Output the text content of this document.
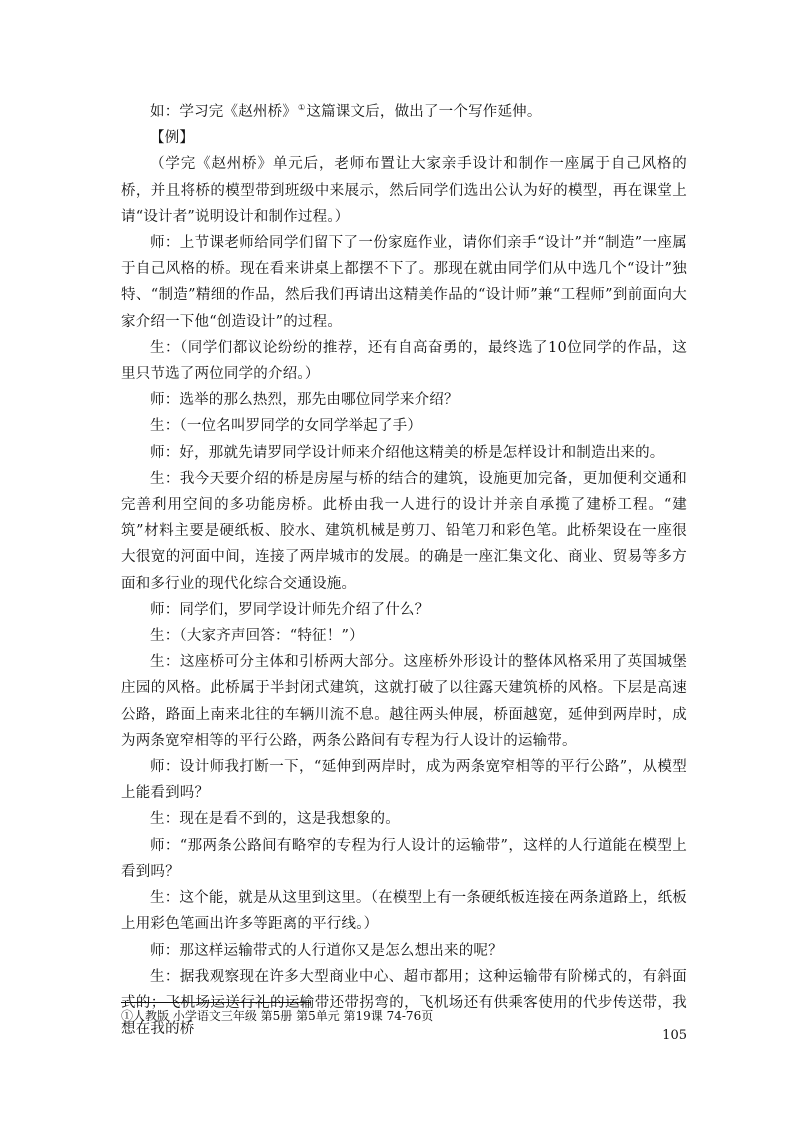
如：学习完《赵州桥》①这篇课文后，做出了一个写作延伸。

【例】

（学完《赵州桥》单元后，老师布置让大家亲手设计和制作一座属于自己风格的桥，并且将桥的模型带到班级中来展示，然后同学们选出公认为好的模型，再在课堂上请“设计者”说明设计和制作过程。）

师：上节课老师给同学们留下了一份家庭作业，请你们亲手“设计”并“制造”一座属于自己风格的桥。现在看来讲桌上都摆不下了。那现在就由同学们从中选几个“设计”独特、“制造”精细的作品，然后我们再请出这精美作品的“设计师”兼“工程师”到前面向大家介绍一下他“创造设计”的过程。

生：（同学们都议论纷纷的推荐，还有自高奋勇的，最终选了10位同学的作品，这里只节选了两位同学的介绍。）

师：选举的那么热烈，那先由哪位同学来介绍？

生：（一位名叫罗同学的女同学举起了手）

师：好，那就先请罗同学设计师来介绍他这精美的桥是怎样设计和制造出来的。

生：我今天要介绍的桥是房屋与桥的结合的建筑，设施更加完备，更加便利交通和完善利用空间的多功能房桥。此桥由我一人进行的设计并亲自承揽了建桥工程。“建筑”材料主要是硬纸板、胶水、建筑机械是剪刀、铅笔刀和彩色笔。此桥架设在一座很大很宽的河面中间，连接了两岸城市的发展。的确是一座汇集文化、商业、贸易等多方面和多行业的现代化综合交通设施。

师：同学们，罗同学设计师先介绍了什么？

生：（大家齐声回答：“特征！”）

生：这座桥可分主体和引桥两大部分。这座桥外形设计的整体风格采用了英国城堡庄园的风格。此桥属于半封闭式建筑，这就打破了以往露天建筑桥的风格。下层是高速公路，路面上南来北往的车辆川流不息。越往两头伸展，桥面越宽，延伸到两岸时，成为两条宽窄相等的平行公路，两条公路间有专程为行人设计的运输带。

师：设计师我打断一下，“延伸到两岸时，成为两条宽窄相等的平行公路”，从模型上能看到吗？

生：现在是看不到的，这是我想象的。

师：“那两条公路间有略窄的专程为行人设计的运输带”，这样的人行道能在模型上看到吗？

生：这个能，就是从这里到这里。（在模型上有一条硬纸板连接在两条道路上，纸板上用彩色笔画出许多等距离的平行线。）

师：那这样运输带式的人行道你又是怎么想出来的呢？

生：据我观察现在许多大型商业中心、超市都用；这种运输带有阶梯式的，有斜面式的；飞机场运送行礼的运输带还带拐弯的，飞机场还有供乘客使用的代步传送带，我想在我的桥

①人教版 小学语文三年级 第5册 第5单元 第19课 74-76页

105
